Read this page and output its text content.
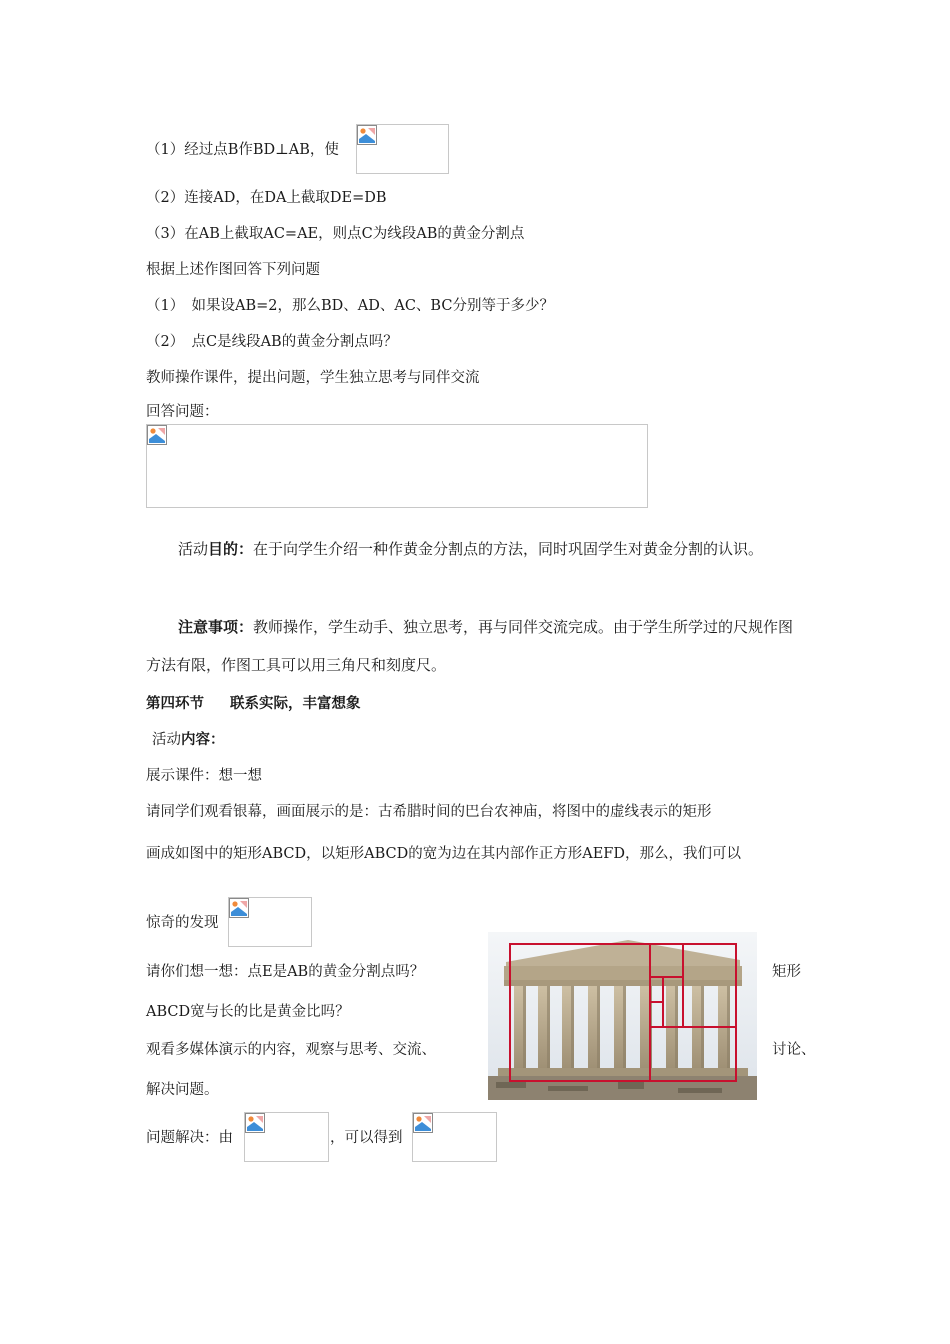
（1）经过点B作BD⊥AB，使
（2）连接AD，在DA上截取DE=DB
（3）在AB上截取AC=AE，则点C为线段AB的黄金分割点
根据上述作图回答下列问题
（1）　如果设AB=2，那么BD、AD、AC、BC分别等于多少？
（2）　点C是线段AB的黄金分割点吗？
教师操作课件，提出问题，学生独立思考与同伴交流
回答问题：
活动目的：在于向学生介绍一种作黄金分割点的方法，同时巩固学生对黄金分割的认识。
注意事项：教师操作，学生动手、独立思考，再与同伴交流完成。由于学生所学过的尺规作图方法有限，作图工具可以用三角尺和刻度尺。
第四环节 联系实际，丰富想象
活动内容：
展示课件：想一想
请同学们观看银幕，画面展示的是：古希腊时间的巴台农神庙，将图中的虚线表示的矩形
画成如图中的矩形ABCD，以矩形ABCD的宽为边在其内部作正方形AEFD，那么，我们可以
惊奇的发现
请你们想一想：点E是AB的黄金分割点吗？	矩形
ABCD宽与长的比是黄金比吗？
观看多媒体演示的内容，观察与思考、交流、	讨论、
解决问题。
问题解决：由	，可以得到
